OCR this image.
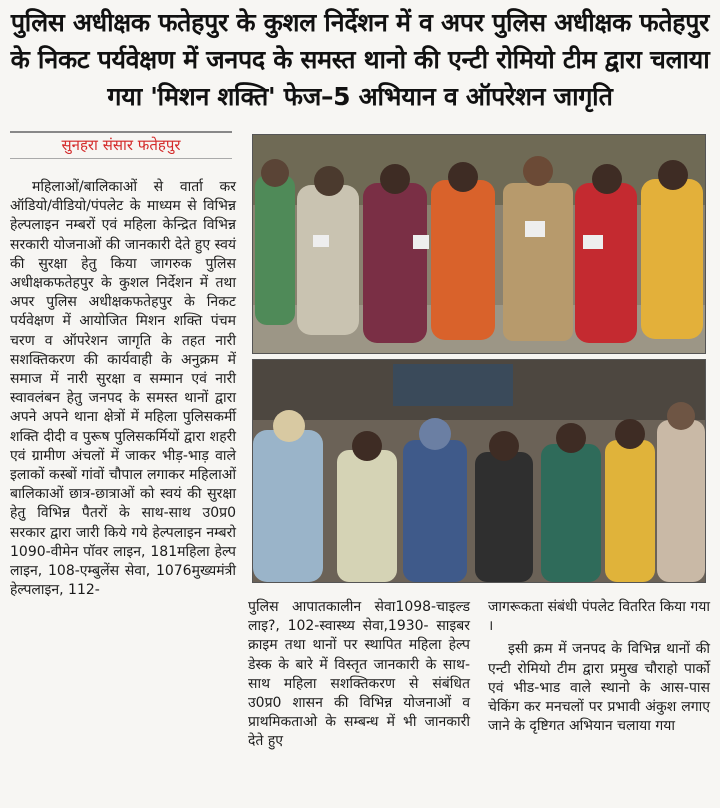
पुलिस अधीक्षक फतेहपुर के कुशल निर्देशन में व अपर पुलिस अधीक्षक फतेहपुर के निकट पर्यवेक्षण में जनपद के समस्त थानो की एन्टी रोमियो टीम द्वारा चलाया गया 'मिशन शक्ति' फेज–5 अभियान व ऑपरेशन जागृति
सुनहरा संसार फतेहपुर
महिलाओं/बालिकाओं से वार्ता कर ऑडियो/वीडियो/पंपलेट के माध्यम से विभिन्न हेल्पलाइन नम्बरों एवं महिला केन्द्रित विभिन्न सरकारी योजनाओं की जानकारी देते हुए स्वयं की सुरक्षा हेतु किया जागरुक पुलिस अधीक्षकफतेहपुर के कुशल निर्देशन में तथा अपर पुलिस अधीक्षकफतेहपुर के निकट पर्यवेक्षण में आयोजित मिशन शक्ति पंचम चरण व ऑपरेशन जागृति के तहत नारी सशक्तिकरण की कार्यवाही के अनुक्रम में समाज में नारी सुरक्षा व सम्मान एवं नारी स्वावलंबन हेतु जनपद के समस्त थानों द्वारा अपने अपने थाना क्षेत्रों में महिला पुलिसकर्मी शक्ति दीदी व पुरूष पुलिसकर्मियों द्वारा शहरी एवं ग्रामीण अंचलों में जाकर भीड़-भाड़ वाले इलाकों कस्बों गांवों चौपाल लगाकर महिलाओं बालिकाओं छात्र-छात्राओं को स्वयं की सुरक्षा हेतु विभिन्न पैतरों के साथ-साथ उ0प्र0 सरकार द्वारा जारी किये गये हेल्पलाइन नम्बरो 1090-वीमेन पॉवर लाइन, 181महिला हेल्प लाइन, 108-एम्बुलेंस सेवा, 1076मुख्यमंत्री हेल्पलाइन, 112-
पुलिस आपातकालीन सेवा1098-चाइल्ड लाइ?, 102-स्वास्थ्य सेवा,1930- साइबर क्राइम तथा थानों पर स्थापित महिला हेल्प डेस्क के बारे में विस्तृत जानकारी के साथ-साथ महिला सशक्तिकरण से संबंधित उ0प्र0 शासन की विभिन्न योजनाओं व प्राथमिकताओ के सम्बन्ध में भी जानकारी देते हुए
जागरूकता संबंधी पंपलेट वितरित किया गया ।
इसी क्रम में जनपद के विभिन्न थानों की एन्टी रोमियो टीम द्वारा प्रमुख चौराहो पार्को एवं भीड-भाड वाले स्थानो के आस-पास चेकिंग कर मनचलों पर प्रभावी अंकुश लगाए जाने के दृष्टिगत अभियान चलाया गया
